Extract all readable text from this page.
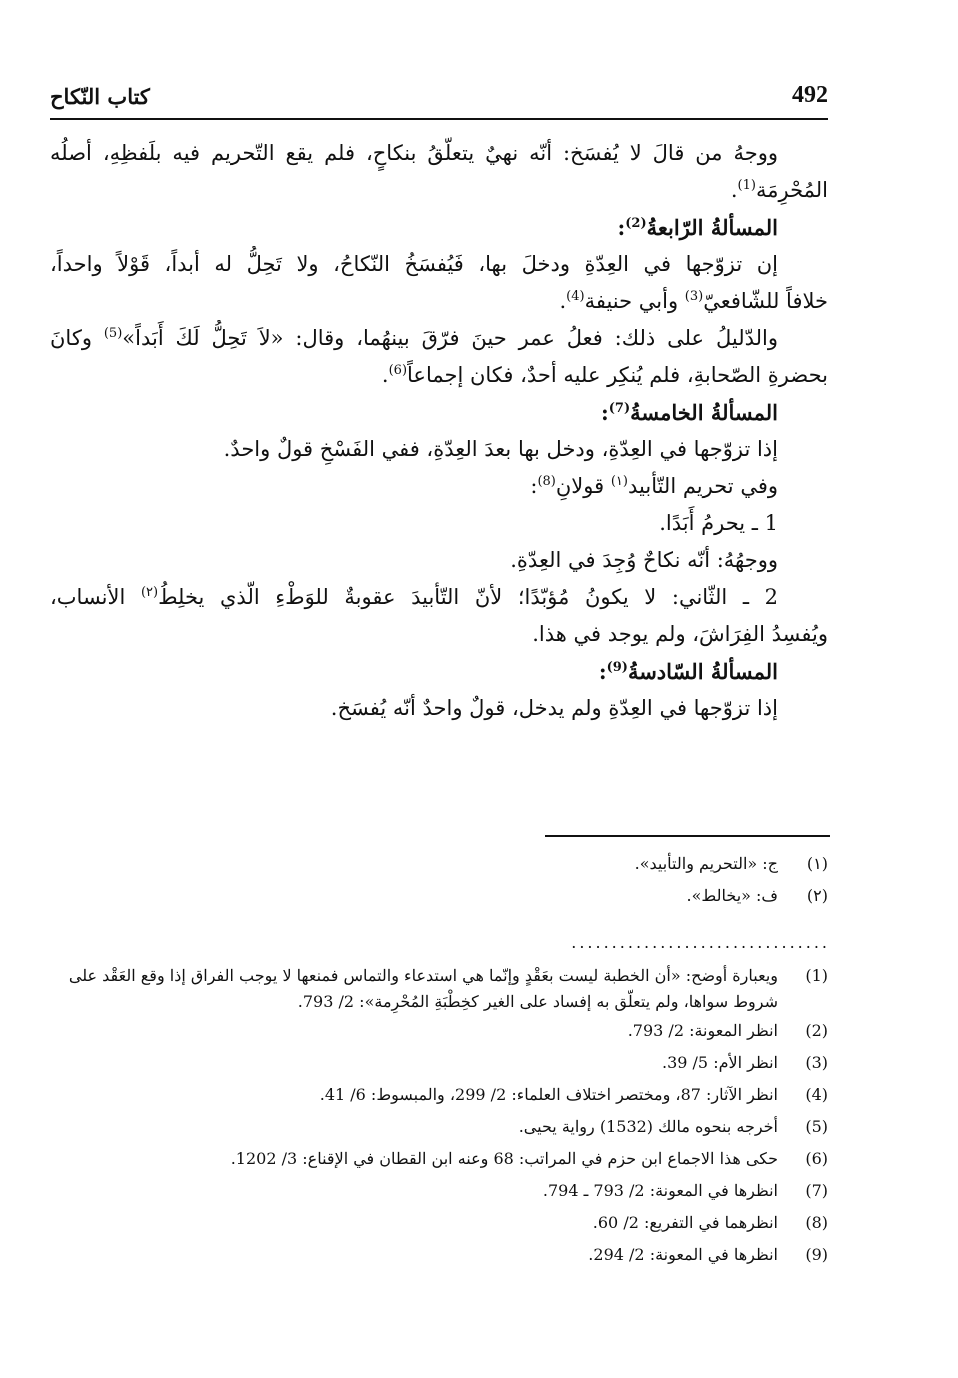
492
كتاب النّكاح
ووجهُ من قالَ لا يُفسَخ: أنّه نهيٌ يتعلّقُ بنكاحٍ، فلم يقع التّحريم فيه بلَفظِهِ، أصلُه
المُحْرِمَة$^{(1)}$.
المسألةُ الرّابعةُ$^{(2)}$:
إن تزوّجها في العِدّةِ ودخلَ بها، فَيُفسَخُ النّكاحُ، ولا تَحِلُّ له أبداً، قَوْلاً واحداً،
خلافاً للشّافعيّ$^{(3)}$ وأبي حنيفة$^{(4)}$.
والدّليلُ على ذلك: فعلُ عمر حينَ فرّقَ بينهُما، وقال: «لاَ تَحِلُّ لَكَ أَبَداً»$^{(5)}$ وكانَ
بحضرةِ الصّحابةِ، فلم يُنكِر عليه أحدٌ، فكان إجماعاً$^{(6)}$.
المسألةُ الخامسةُ$^{(7)}$:
إذا تزوّجها في العِدّةِ، ودخل بها بعدَ العِدّةِ، ففي الفَسْخِ قولٌ واحدٌ.
وفي تحريم التّأبيد$^{(١)}$ قولانِ$^{(8)}$:
1 ـ يحرمُ أَبَدًا.
ووجهُهُ: أنّه نكاحٌ وُجِدَ في العِدّةِ.
2 ـ الثّاني: لا يكونُ مُؤبّدًا؛ لأنّ التّأبيدَ عقوبةٌ للوَطْءِ الّذي يخلِطُ$^{(٢)}$ الأنساب،
ويُفسِدُ الفِرَاشَ، ولم يوجد في هذا.
المسألةُ السّادسةُ$^{(9)}$:
إذا تزوّجها في العِدّةِ ولم يدخل، قولٌ واحدٌ أنّه يُفسَخ.
(١)
ج: «التحريم والتأبيد».
(٢)
ف: «يخالط».
................................
(1)
ويعبارة أوضح: «أن الخطبة ليست بعَقْدٍ وإنّما هي استدعاء والتماس فمنعها لا يوجب الفراق إذا وقع العَقْد على شروط سواها، ولم يتعلّق به إفساد على الغير كخِطْبَةِ المُحْرِمة»: 2/ 793.
(2)
انظر المعونة: 2/ 793.
(3)
انظر الأم: 5/ 39.
(4)
انظر الآثار: 87، ومختصر اختلاف العلماء: 2/ 299، والمبسوط: 6/ 41.
(5)
أخرجه بنحوه مالك (1532) رواية يحيى.
(6)
حكى هذا الاجماع ابن حزم في المراتب: 68 وعنه ابن القطان في الإقناع: 3/ 1202.
(7)
انظرها في المعونة: 2/ 793 ـ 794.
(8)
انظرهما في التفريع: 2/ 60.
(9)
انظرها في المعونة: 2/ 294.
